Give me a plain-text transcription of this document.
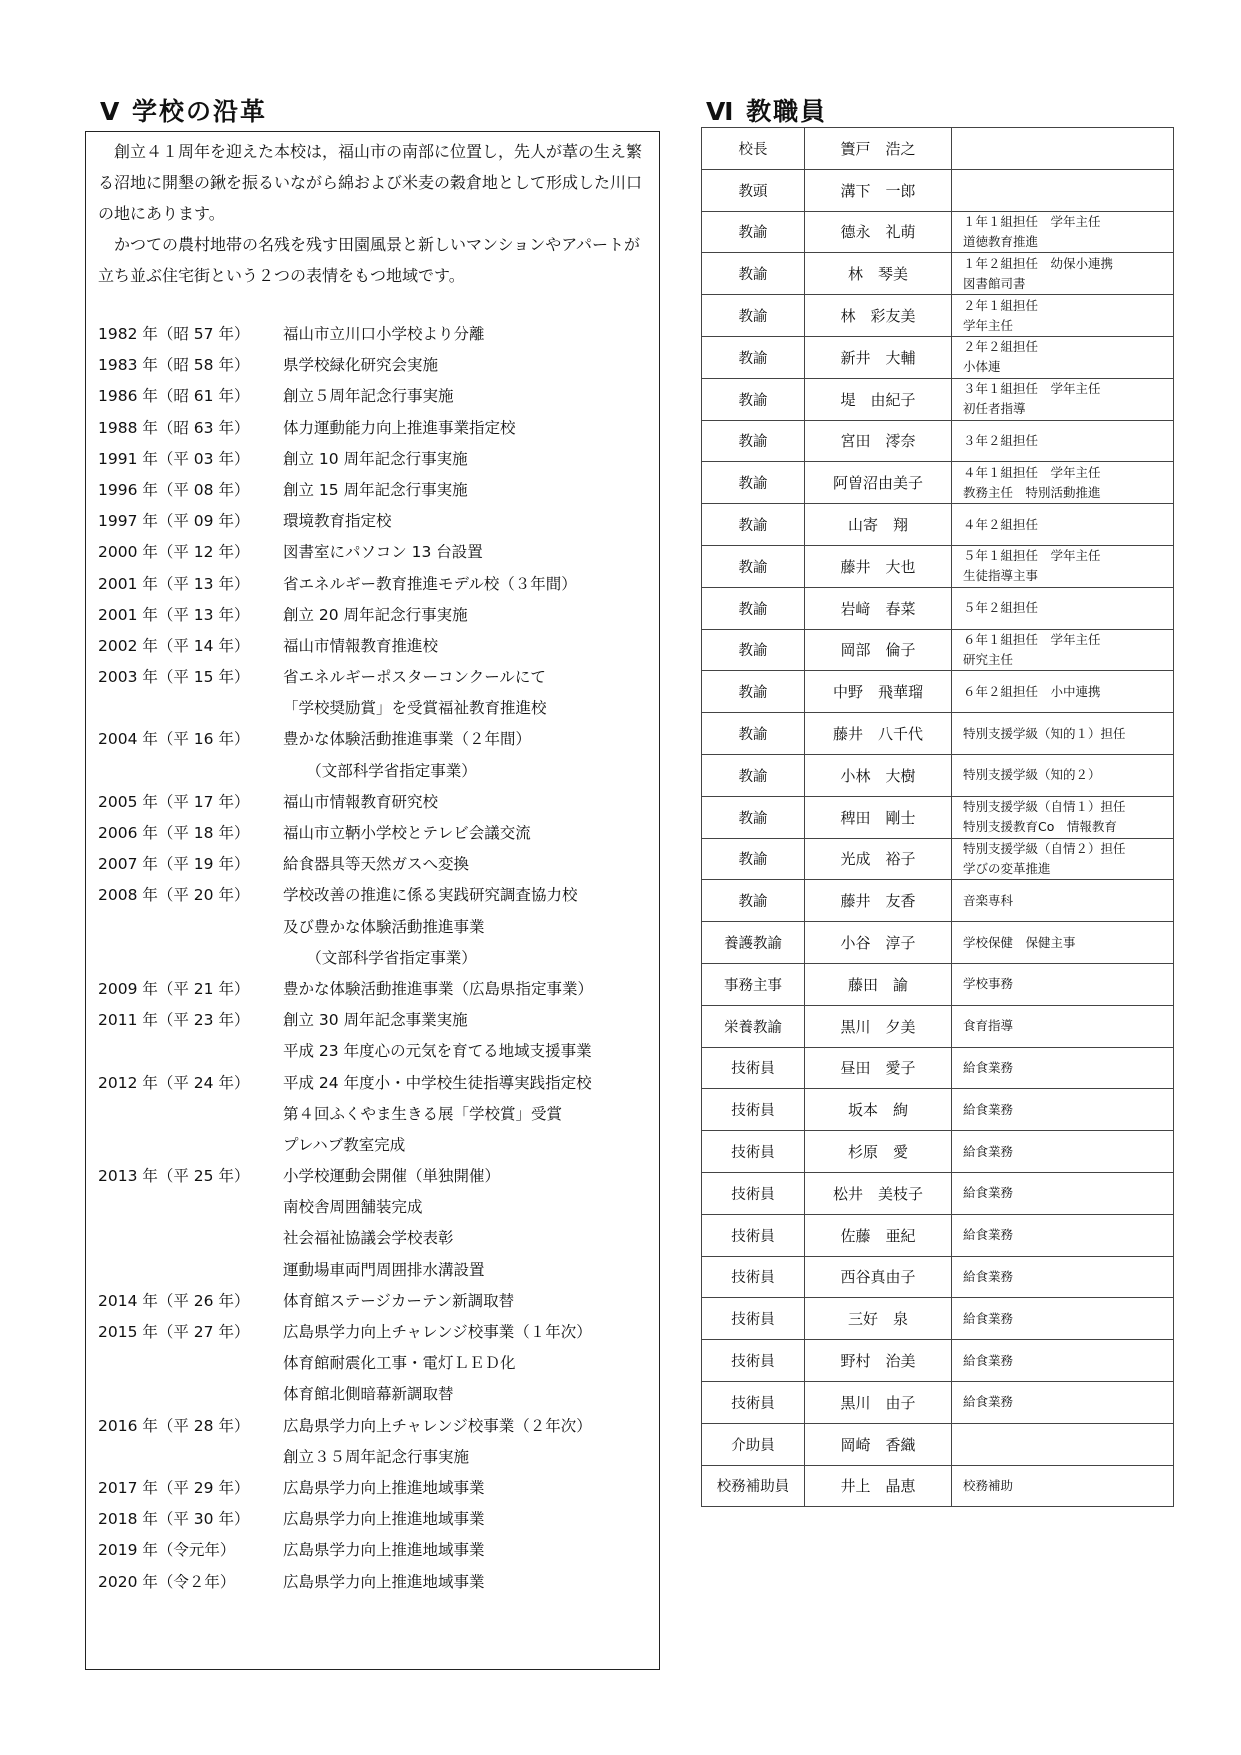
Ⅴ 学校の沿革	Ⅵ 教職員

創立４１周年を迎えた本校は，福山市の南部に位置し，先人が葦の生え繁る沼地に開墾の鍬を振るいながら綿および米麦の穀倉地として形成した川口の地にあります。

かつての農村地帯の名残を残す田園風景と新しいマンションやアパートが立ち並ぶ住宅街という２つの表情をもつ地域です。

1982 年（昭 57 年）	福山市立川口小学校より分離
1983 年（昭 58 年）	県学校緑化研究会実施
1986 年（昭 61 年）	創立５周年記念行事実施
1988 年（昭 63 年）	体力運動能力向上推進事業指定校
1991 年（平 03 年）	創立 10 周年記念行事実施
1996 年（平 08 年）	創立 15 周年記念行事実施
1997 年（平 09 年）	環境教育指定校
2000 年（平 12 年）	図書室にパソコン 13 台設置
2001 年（平 13 年）	省エネルギー教育推進モデル校（３年間）
2001 年（平 13 年）	創立 20 周年記念行事実施
2002 年（平 14 年）	福山市情報教育推進校
2003 年（平 15 年）	省エネルギーポスターコンクールにて
「学校奨励賞」を受賞福祉教育推進校
2004 年（平 16 年）	豊かな体験活動推進事業（２年間）
　　（文部科学省指定事業）
2005 年（平 17 年）	福山市情報教育研究校
2006 年（平 18 年）	福山市立鞆小学校とテレビ会議交流
2007 年（平 19 年）	給食器具等天然ガスへ変換
2008 年（平 20 年）	学校改善の推進に係る実践研究調査協力校
及び豊かな体験活動推進事業
　　（文部科学省指定事業）
2009 年（平 21 年）	豊かな体験活動推進事業（広島県指定事業）
2011 年（平 23 年）	創立 30 周年記念事業実施
平成 23 年度心の元気を育てる地域支援事業
2012 年（平 24 年）	平成 24 年度小・中学校生徒指導実践指定校
第４回ふくやま生きる展「学校賞」受賞
プレハブ教室完成
2013 年（平 25 年）	小学校運動会開催（単独開催）
南校舎周囲舗装完成
社会福祉協議会学校表彰
運動場車両門周囲排水溝設置
2014 年（平 26 年）	体育館ステージカーテン新調取替
2015 年（平 27 年）	広島県学力向上チャレンジ校事業（１年次）
体育館耐震化工事・電灯ＬＥＤ化
体育館北側暗幕新調取替
2016 年（平 28 年）	広島県学力向上チャレンジ校事業（２年次）
創立３５周年記念行事実施
2017 年（平 29 年）	広島県学力向上推進地域事業
2018 年（平 30 年）	広島県学力向上推進地域事業
2019 年（令元年）	広島県学力向上推進地域事業
2020 年（令２年）	広島県学力向上推進地域事業
校長	簀戸　浩之	
教頭	溝下　一郎	
教諭	德永　礼萌	１年１組担任　学年主任
道徳教育推進

教諭	林　琴美	１年２組担任　幼保小連携
図書館司書

教諭	林　彩友美	２年１組担任
学年主任

教諭	新井　大輔	２年２組担任
小体連

教諭	堤　由紀子	３年１組担任　学年主任
初任者指導

教諭	宮田　澪奈	３年２組担任

教諭	阿曽沼由美子	４年１組担任　学年主任
教務主任　特別活動推進

教諭	山寄　翔	４年２組担任

教諭	藤井　大也	５年１組担任　学年主任
生徒指導主事

教諭	岩﨑　春菜	５年２組担任

教諭	岡部　倫子	６年１組担任　学年主任
研究主任

教諭	中野　飛華瑠	６年２組担任　小中連携

教諭	藤井　八千代	特別支援学級（知的１）担任

教諭	小林　大樹	特別支援学級（知的２）

教諭	稗田　剛士	特別支援学級（自情１）担任
特別支援教育Co　情報教育

教諭	光成　裕子	特別支援学級（自情２）担任
学びの変革推進

教諭	藤井　友香	音楽専科

養護教諭	小谷　淳子	学校保健　保健主事

事務主事	藤田　諭	学校事務

栄養教諭	黒川　夕美	食育指導

技術員	昼田　愛子	給食業務

技術員	坂本　絢	給食業務

技術員	杉原　愛	給食業務

技術員	松井　美枝子	給食業務

技術員	佐藤　亜紀	給食業務

技術員	西谷真由子	給食業務

技術員	三好　泉	給食業務

技術員	野村　治美	給食業務

技術員	黒川　由子	給食業務

介助員	岡崎　香織	
校務補助員	井上　晶恵	校務補助
